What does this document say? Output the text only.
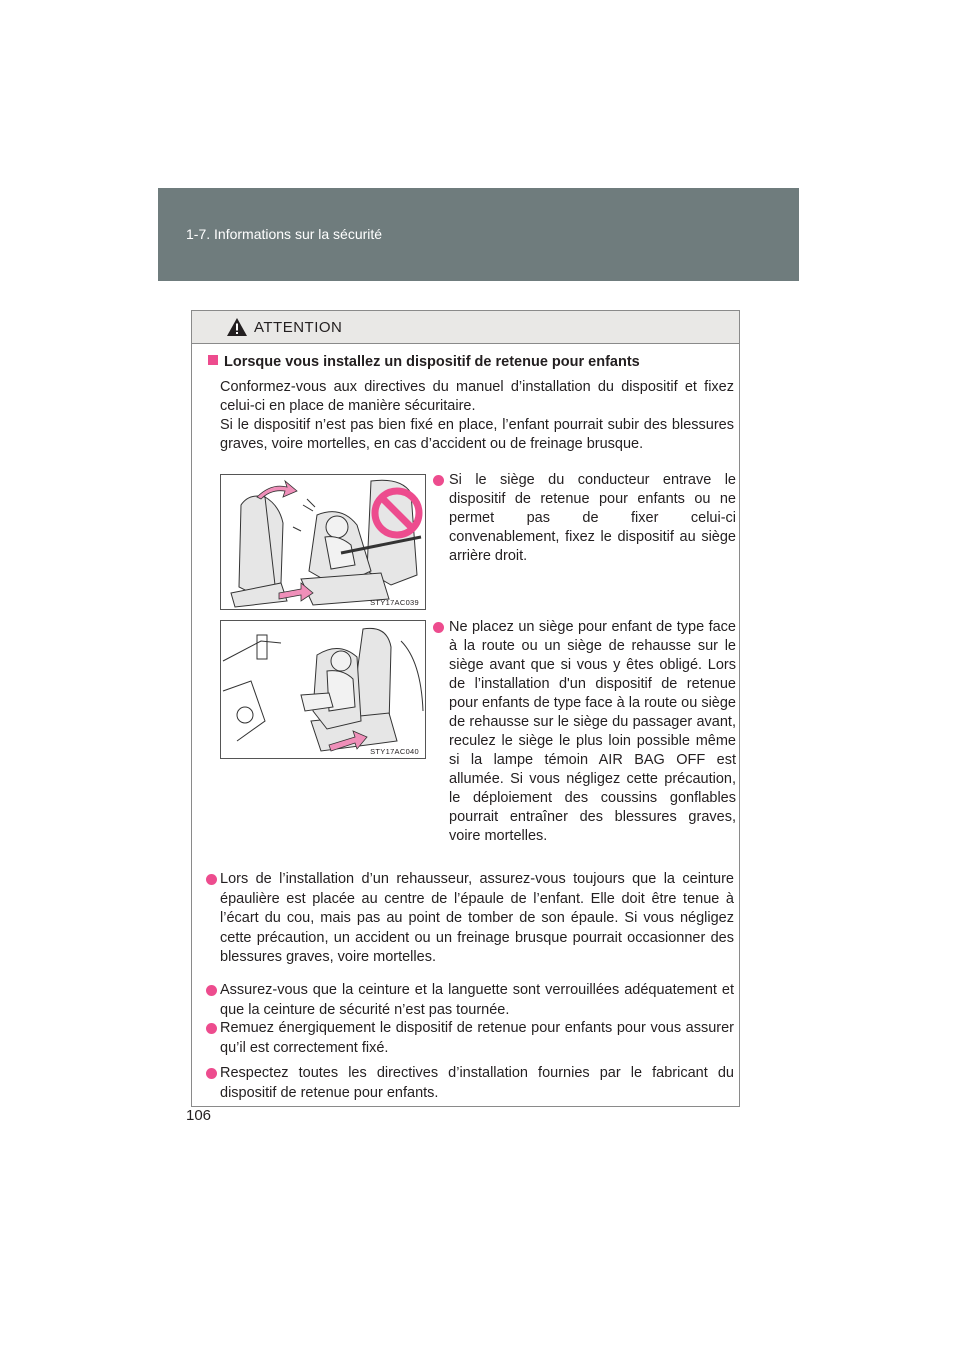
1-7. Informations sur la sécurité
ATTENTION
Lorsque vous installez un dispositif de retenue pour enfants

Conformez-vous aux directives du manuel d’installation du dispositif et fixez celui-ci en place de manière sécuritaire.

Si le dispositif n’est pas bien fixé en place, l’enfant pourrait subir des blessures graves, voire mortelles, en cas d’accident ou de freinage brusque.

STY17AC039
Si le siège du conducteur entrave le dispositif de retenue pour enfants ou ne permet pas de fixer celui-ci convenablement, fixez le dispositif au siège arrière droit.
STY17AC040
Ne placez un siège pour enfant de type face à la route ou un siège de rehausse sur le siège avant que si vous y êtes obligé. Lors de l’installation d'un dispositif de retenue pour enfants de type face à la route ou siège de rehausse sur le siège du passager avant, reculez le siège le plus loin possible même si la lampe témoin AIR BAG OFF est allumée. Si vous négligez cette précaution, le déploiement des coussins gonflables pourrait entraîner des blessures graves, voire mortelles.
Lors de l’installation d’un rehausseur, assurez-vous toujours que la ceinture épaulière est placée au centre de l’épaule de l’enfant. Elle doit être tenue à l’écart du cou, mais pas au point de tomber de son épaule. Si vous négligez cette précaution, un accident ou un freinage brusque pourrait occasionner des blessures graves, voire mortelles.
Assurez-vous que la ceinture et la languette sont verrouillées adéquatement et que la ceinture de sécurité n’est pas tournée.
Remuez énergiquement le dispositif de retenue pour enfants pour vous assurer qu’il est correctement fixé.
Respectez toutes les directives d’installation fournies par le fabricant du dispositif de retenue pour enfants.
106
